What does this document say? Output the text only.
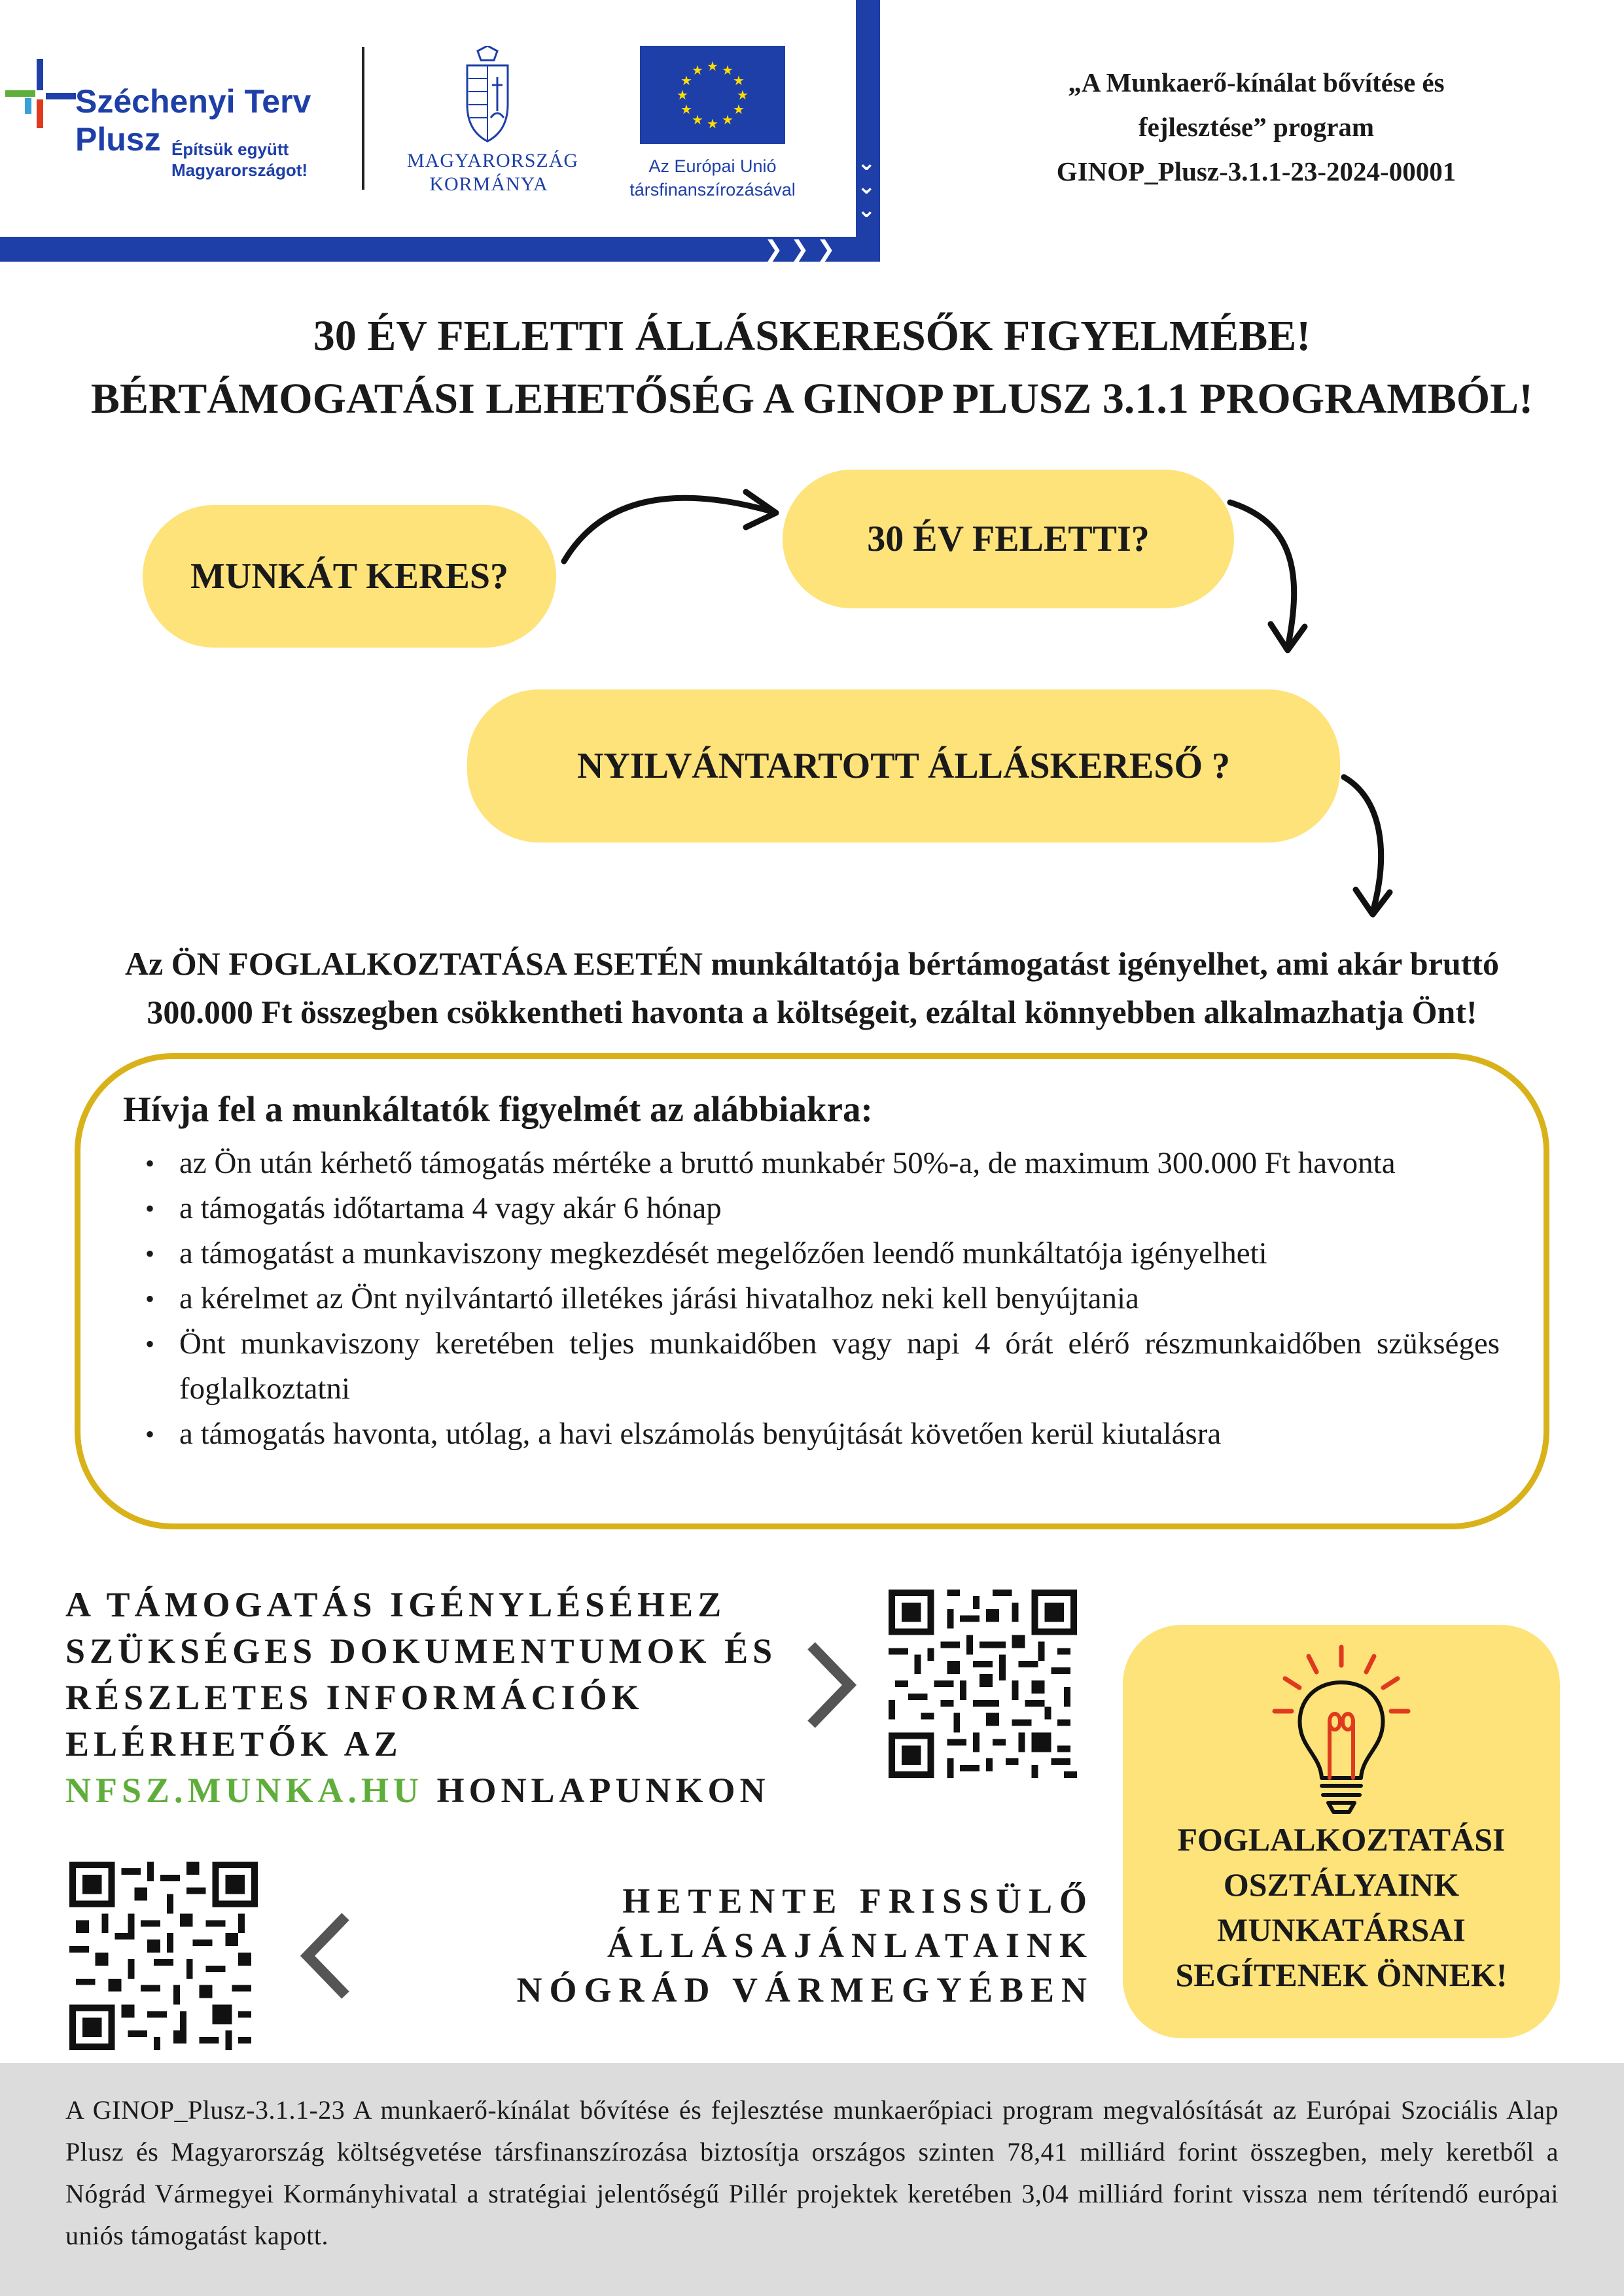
❯ ❯ ❯
⌄
⌄
⌄
Széchenyi Terv
Plusz Építsük együtt Magyarországot!	MAGYARORSZÁG
KORMÁNYA
★ ★
★
★
★
★
★
★
★
★
★
★
Az Európai Unió
társfinanszírozásával
„A Munkaerő-kínálat bővítése és
fejlesztése” program
GINOP_Plusz-3.1.1-23-2024-00001
30 ÉV FELETTI ÁLLÁSKERESŐK FIGYELMÉBE!
BÉRTÁMOGATÁSI LEHETŐSÉG A GINOP PLUSZ 3.1.1 PROGRAMBÓL!
MUNKÁT KERES?
30 ÉV FELETTI?
NYILVÁNTARTOTT ÁLLÁSKERESŐ ?
Az ÖN FOGLALKOZTATÁSA ESETÉN munkáltatója bértámogatást igényelhet, ami akár bruttó
300.000 Ft összegben csökkentheti havonta a költségeit, ezáltal könnyebben alkalmazhatja Önt!
Hívja fel a munkáltatók figyelmét az alábbiakra:
• az Ön után kérhető támogatás mértéke a bruttó munkabér 50%-a, de maximum 300.000 Ft havonta
• a támogatás időtartama 4 vagy akár 6 hónap
• a támogatást a munkaviszony megkezdését megelőzően leendő munkáltatója igényelheti
• a kérelmet az Önt nyilvántartó illetékes járási hivatalhoz neki kell benyújtania
• Önt munkaviszony keretében teljes munkaidőben vagy napi 4 órát elérő részmunkaidőben szükséges foglalkoztatni
• a támogatás havonta, utólag, a havi elszámolás benyújtását követően kerül kiutalásra
A TÁMOGATÁS IGÉNYLÉSÉHEZ
SZÜKSÉGES DOKUMENTUMOK ÉS
RÉSZLETES INFORMÁCIÓK
ELÉRHETŐK AZ
NFSZ.MUNKA.HU HONLAPUNKON
HETENTE FRISSÜLŐ
ÁLLÁSAJÁNLATAINK
NÓGRÁD VÁRMEGYÉBEN
FOGLALKOZTATÁSI
OSZTÁLYAINK
MUNKATÁRSAI
SEGÍTENEK ÖNNEK!
A GINOP_Plusz-3.1.1-23 A munkaerő-kínálat bővítése és fejlesztése munkaerőpiaci program megvalósítását az Európai Szociális Alap Plusz és Magyarország költségvetése társfinanszírozása biztosítja országos szinten 78,41 milliárd forint összegben, mely keretből a Nógrád Vármegyei Kormányhivatal a stratégiai jelentőségű Pillér projektek keretében 3,04 milliárd forint vissza nem térítendő európai uniós támogatást kapott.
